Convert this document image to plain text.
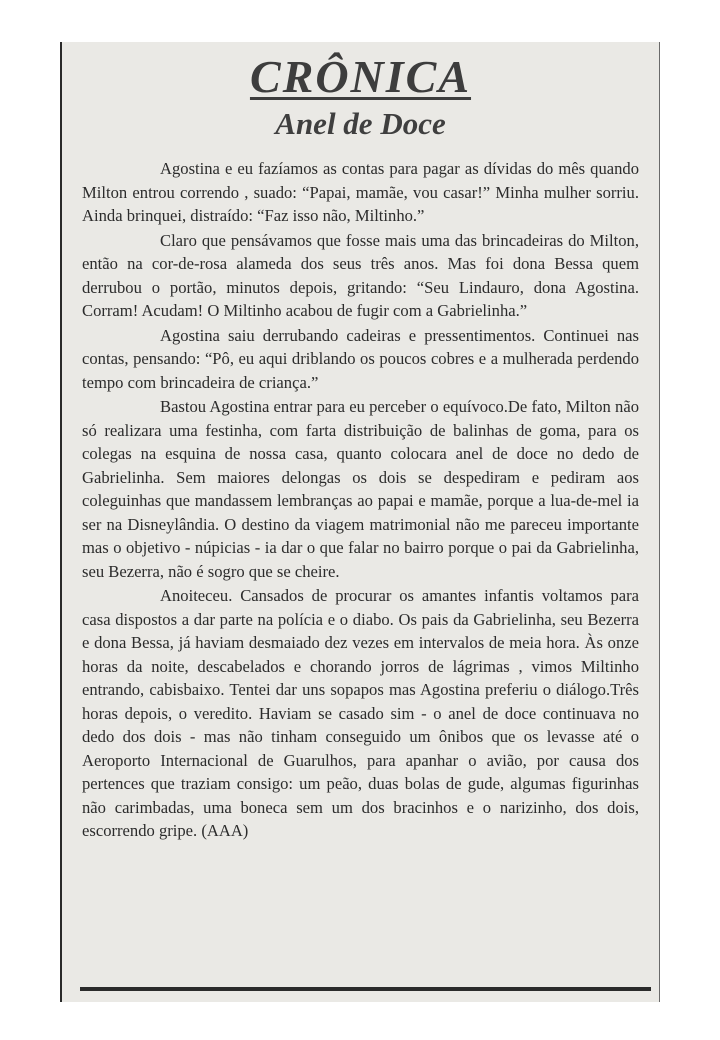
CRÔNICA
Anel de Doce

Agostina e eu fazíamos as contas para pagar as dívidas do mês quando Milton entrou correndo , suado: “Papai, mamãe, vou casar!” Minha mulher sorriu. Ainda brinquei, distraído: “Faz isso não, Miltinho.”

Claro que pensávamos que fosse mais uma das brincadeiras do Milton, então na cor-de-rosa alameda dos seus três anos. Mas foi dona Bessa quem derrubou o portão, minutos depois, gritando: “Seu Lindauro, dona Agostina. Corram! Acudam! O Miltinho acabou de fugir com a Gabrielinha.”

Agostina saiu derrubando cadeiras e pressentimentos. Continuei nas contas, pensando: “Pô, eu aqui driblando os poucos cobres e a mulherada perdendo tempo com brincadeira de criança.”

Bastou Agostina entrar para eu perceber o equívoco.De fato, Milton não só realizara uma festinha, com farta distribuição de balinhas de goma, para os colegas na esquina de nossa casa, quanto colocara anel de doce no dedo de Gabrielinha. Sem maiores delongas os dois se despediram e pediram aos coleguinhas que mandassem lembranças ao papai e mamãe, porque a lua-de-mel ia ser na Disneylândia. O destino da viagem matrimonial não me pareceu importante mas o objetivo - núpicias - ia dar o que falar no bairro porque o pai da Gabrielinha, seu Bezerra, não é sogro que se cheire.

Anoiteceu. Cansados de procurar os amantes infantis voltamos para casa dispostos a dar parte na polícia e o diabo. Os pais da Gabrielinha, seu Bezerra e dona Bessa, já haviam desmaiado dez vezes em intervalos de meia hora. Às onze horas da noite, descabelados e chorando jorros de lágrimas , vimos Miltinho entrando, cabisbaixo. Tentei dar uns sopapos mas Agostina preferiu o diálogo.Três horas depois, o veredito. Haviam se casado sim - o anel de doce continuava no dedo dos dois - mas não tinham conseguido um ônibos que os levasse até o Aeroporto Internacional de Guarulhos, para apanhar o avião, por causa dos pertences que traziam consigo: um peão, duas bolas de gude, algumas figurinhas não carimbadas, uma boneca sem um dos bracinhos e o narizinho, dos dois, escorrendo gripe. (AAA)
